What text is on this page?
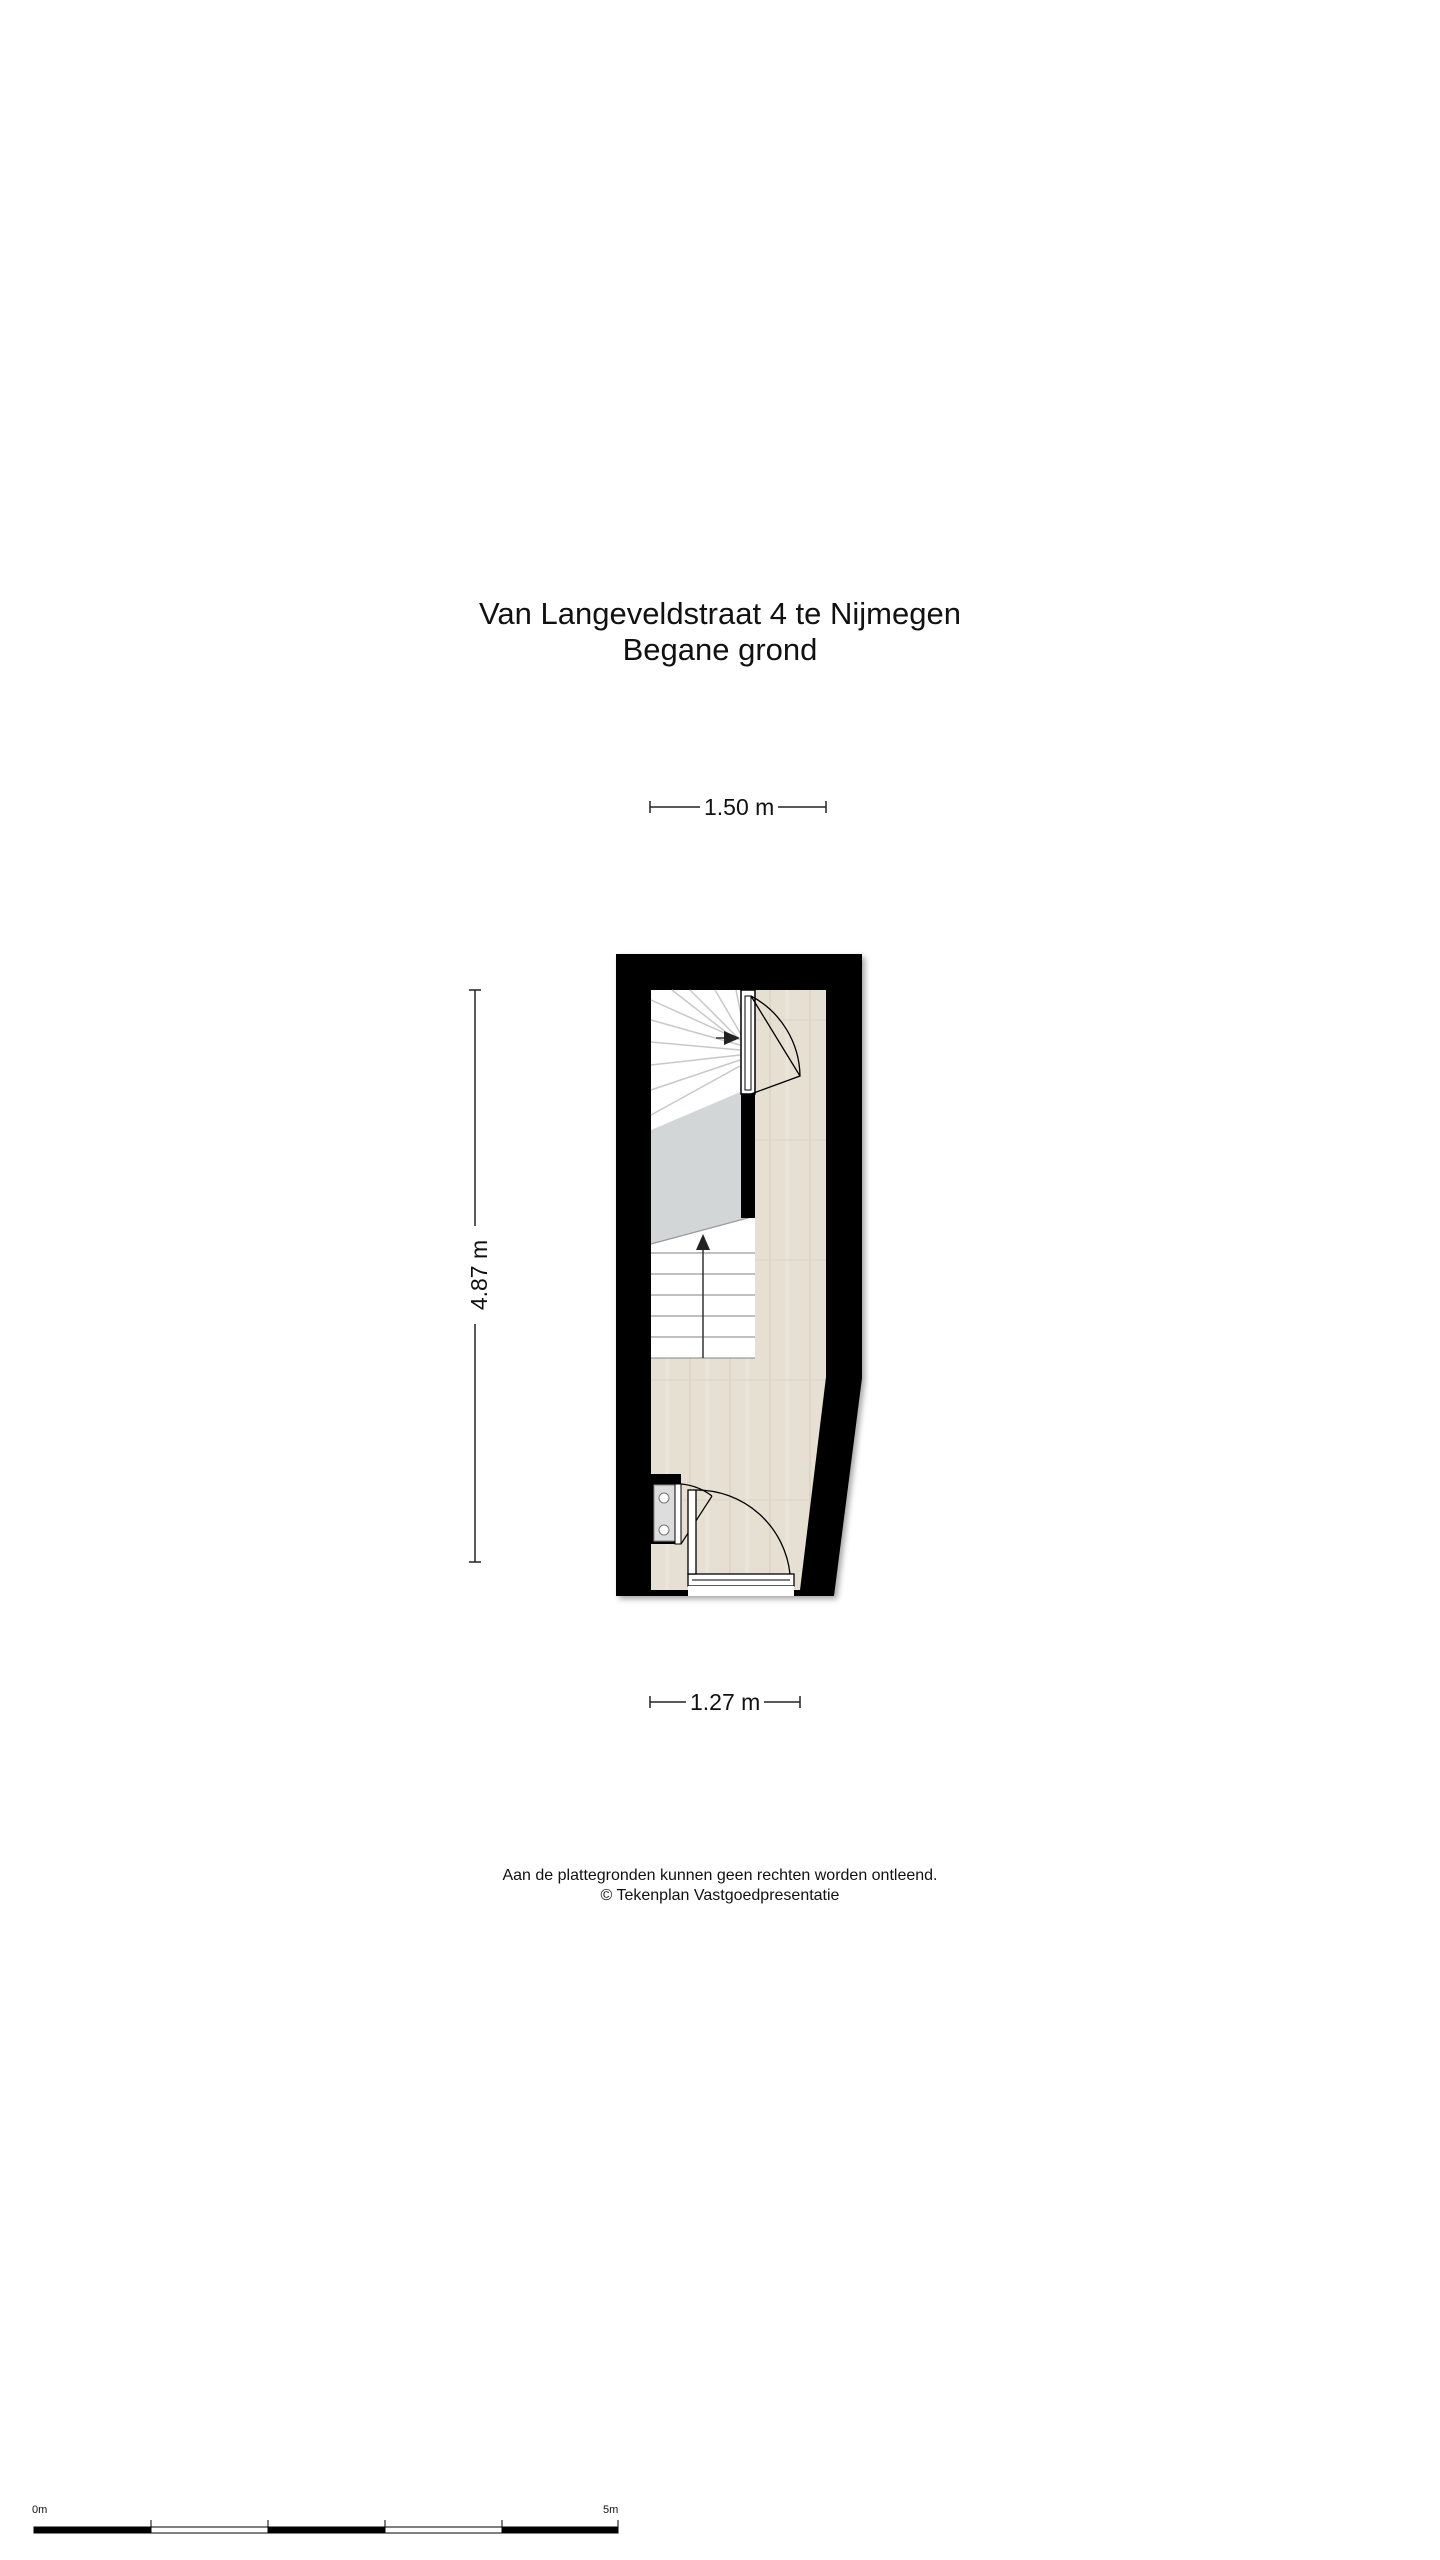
Van Langeveldstraat 4 te Nijmegen
Begane grond
1.50 m
1.27 m
4.87 m
Aan de plattegronden kunnen geen rechten worden ontleend.
© Tekenplan Vastgoedpresentatie
0m	5m
